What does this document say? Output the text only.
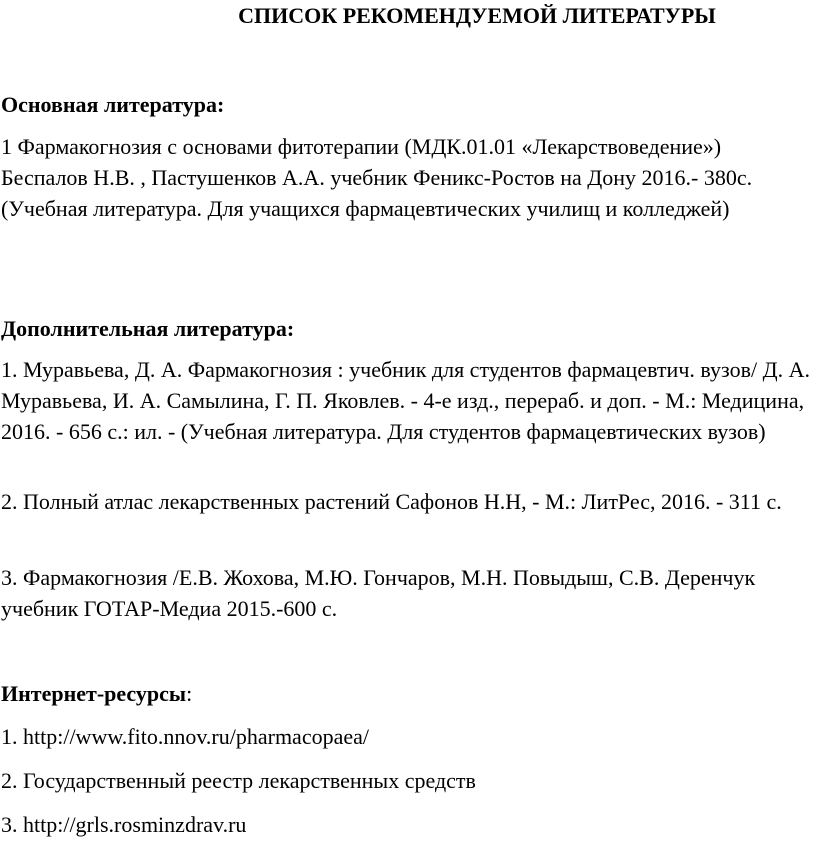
СПИСОК РЕКОМЕНДУЕМОЙ ЛИТЕРАТУРЫ
Основная литература:
1 Фармакогнозия с основами фитотерапии (МДК.01.01 «Лекарствоведение») Беспалов Н.В. , Пастушенков А.А. учебник Феникс-Ростов на Дону 2016.- 380с. (Учебная литература. Для учащихся фармацевтических училищ и колледжей)
Дополнительная литература:
1. Муравьева, Д. А. Фармакогнозия : учебник для студентов фармацевтич. вузов/ Д. А. Муравьева, И. А. Самылина, Г. П. Яковлев. - 4-е изд., перераб. и доп. - М.: Медицина, 2016. - 656 с.: ил. - (Учебная литература. Для студентов фармацевтических вузов)
2. Полный атлас лекарственных растений Сафонов Н.Н, - М.: ЛитРес, 2016. - 311 с.
3. Фармакогнозия /Е.В. Жохова, М.Ю. Гончаров, М.Н. Повыдыш, С.В. Деренчук учебник ГОТАР-Медиа 2015.-600 с.
Интернет-ресурсы:
1. http://www.fito.nnov.ru/pharmacopaea/
2. Государственный реестр лекарственных средств
3. http://grls.rosminzdrav.ru
